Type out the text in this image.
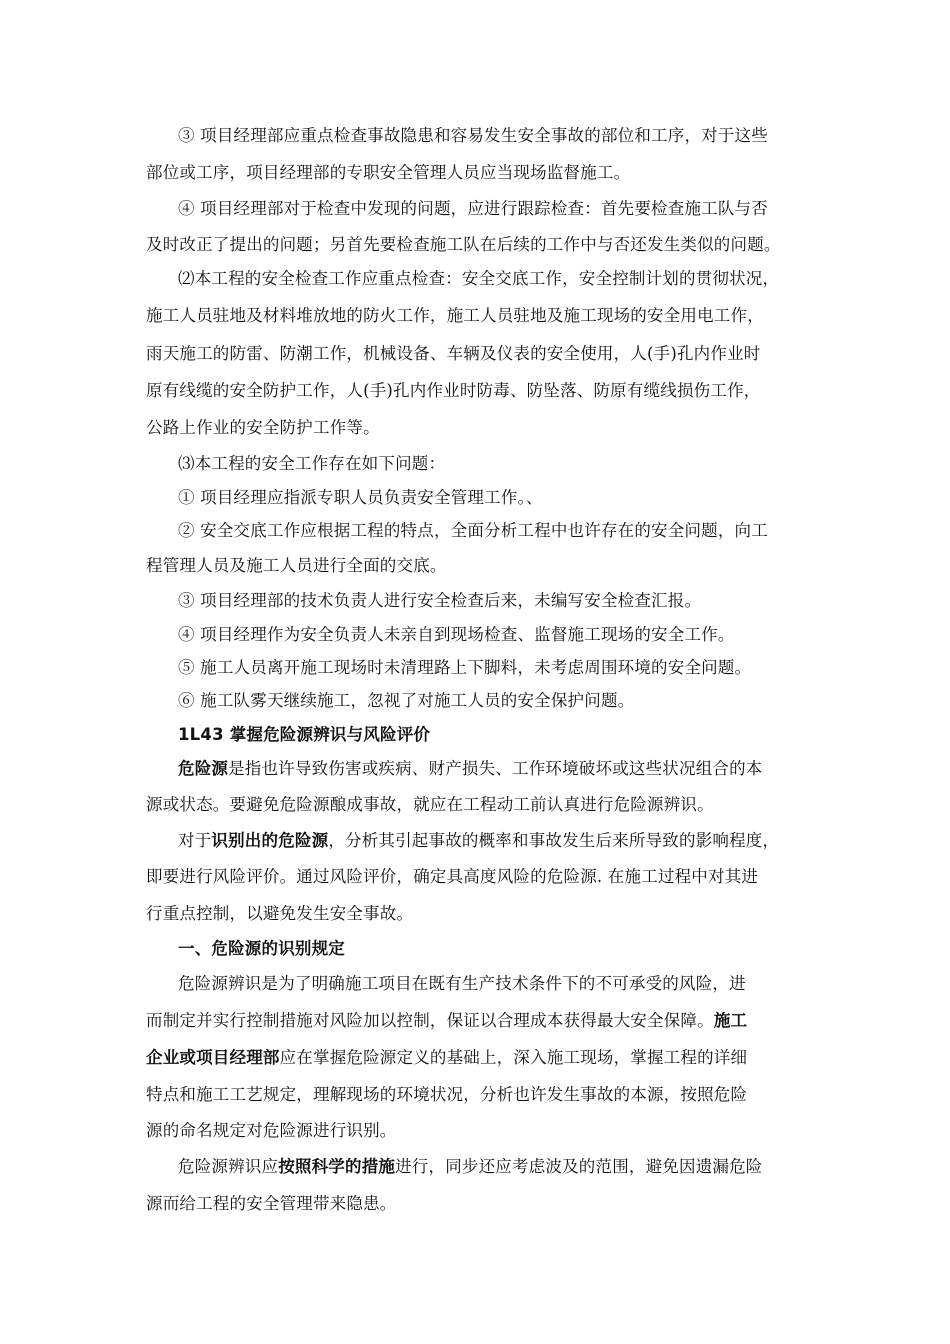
③ 项目经理部应重点检查事故隐患和容易发生安全事故的部位和工序，对于这些
部位或工序，项目经理部的专职安全管理人员应当现场监督施工。
④ 项目经理部对于检查中发现的问题，应进行跟踪检查：首先要检查施工队与否
及时改正了提出的问题；另首先要检查施工队在后续的工作中与否还发生类似的问题。
⑵本工程的安全检查工作应重点检查：安全交底工作，安全控制计划的贯彻状况，
施工人员驻地及材料堆放地的防火工作，施工人员驻地及施工现场的安全用电工作，
雨天施工的防雷、防潮工作，机械设备、车辆及仪表的安全使用，人(手)孔内作业时
原有线缆的安全防护工作，人(手)孔内作业时防毒、防坠落、防原有缆线损伤工作，
公路上作业的安全防护工作等。
⑶本工程的安全工作存在如下问题：
① 项目经理应指派专职人员负责安全管理工作。、
② 安全交底工作应根据工程的特点，全面分析工程中也许存在的安全问题，向工
程管理人员及施工人员进行全面的交底。
③ 项目经理部的技术负责人进行安全检查后来，未编写安全检查汇报。
④ 项目经理作为安全负责人未亲自到现场检查、监督施工现场的安全工作。
⑤ 施工人员离开施工现场时未清理路上下脚料，未考虑周围环境的安全问题。
⑥ 施工队雾天继续施工，忽视了对施工人员的安全保护问题。
1L43 掌握危险源辨识与风险评价
危险源是指也许导致伤害或疾病、财产损失、工作环境破坏或这些状况组合的本
源或状态。要避免危险源酿成事故，就应在工程动工前认真进行危险源辨识。
对于识别出的危险源，分析其引起事故的概率和事故发生后来所导致的影响程度，
即要进行风险评价。通过风险评价，确定具高度风险的危险源. 在施工过程中对其进
行重点控制，以避免发生安全事故。
一、危险源的识别规定
危险源辨识是为了明确施工项目在既有生产技术条件下的不可承受的风险，进
而制定并实行控制措施对风险加以控制，保证以合理成本获得最大安全保障。施工
企业或项目经理部应在掌握危险源定义的基础上，深入施工现场，掌握工程的详细
特点和施工工艺规定，理解现场的环境状况，分析也许发生事故的本源，按照危险
源的命名规定对危险源进行识别。
危险源辨识应按照科学的措施进行，同步还应考虑波及的范围，避免因遗漏危险
源而给工程的安全管理带来隐患。
